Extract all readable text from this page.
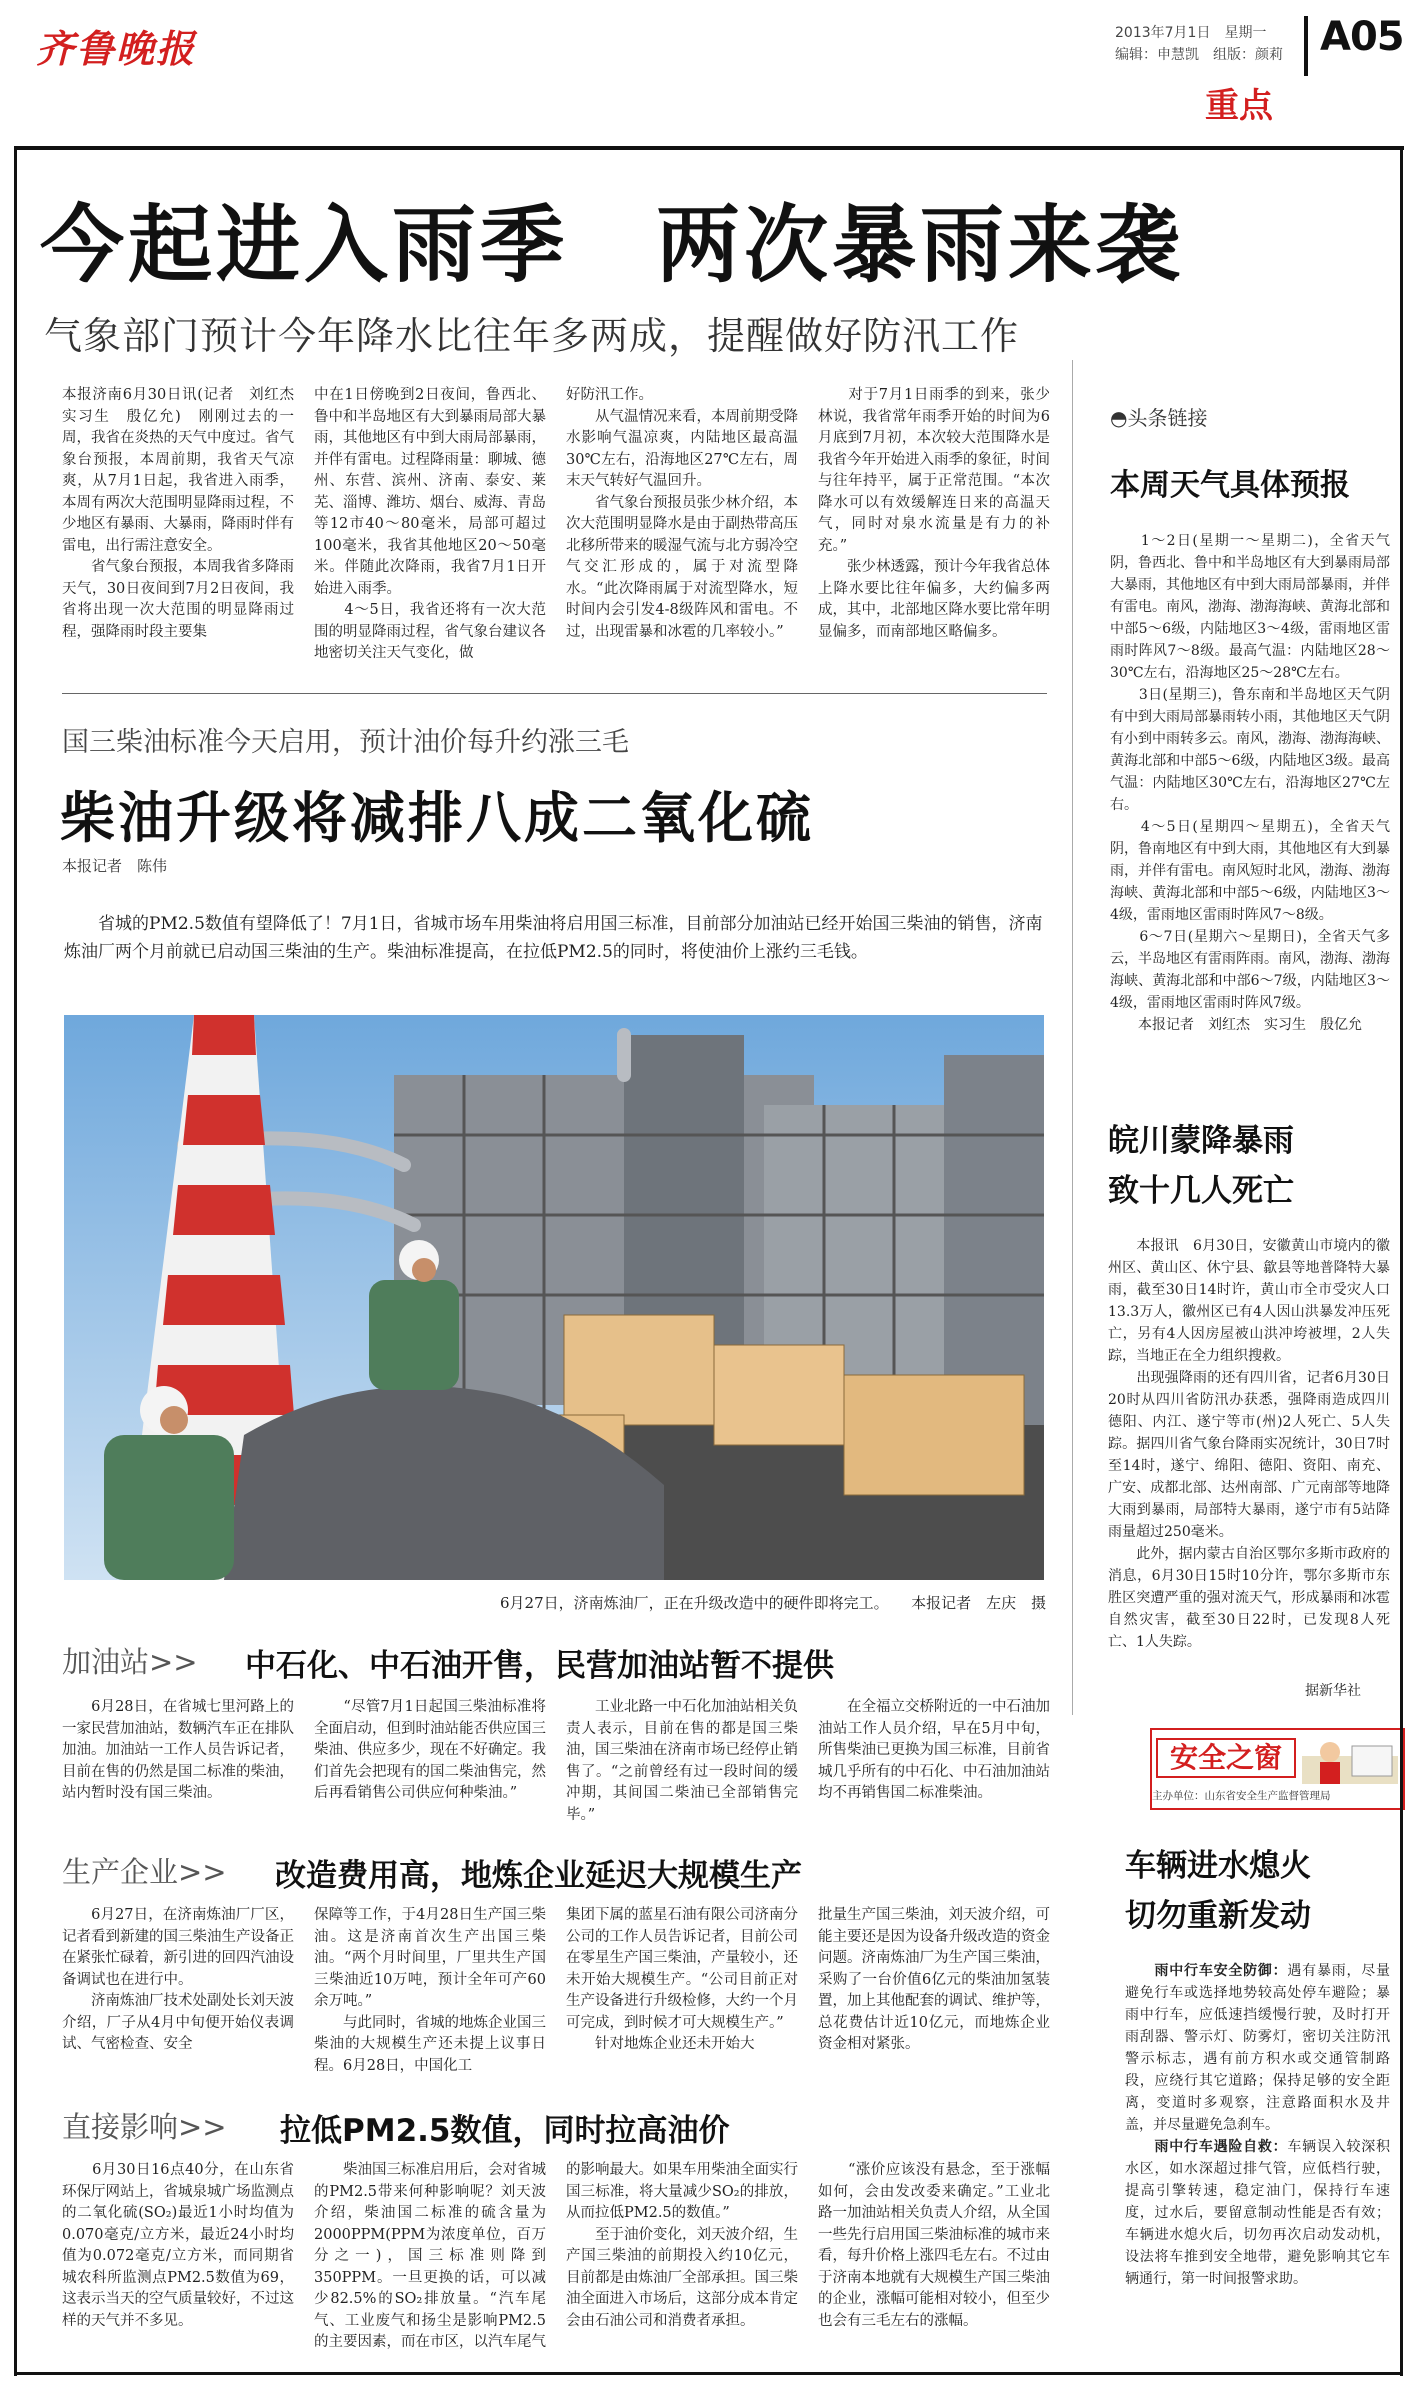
齐鲁晚报	2013年7月1日　星期一
编辑：申慧凯　组版：颜莉 A05
重点
今起进入雨季　两次暴雨来袭
气象部门预计今年降水比往年多两成，提醒做好防汛工作
本报济南6月30日讯(记者　刘红杰　实习生　殷亿允)　刚刚过去的一周，我省在炎热的天气中度过。省气象台预报，本周前期，我省天气凉爽，从7月1日起，我省进入雨季，本周有两次大范围明显降雨过程，不少地区有暴雨、大暴雨，降雨时伴有雷电，出行需注意安全。
　　省气象台预报，本周我省多降雨天气，30日夜间到7月2日夜间，我省将出现一次大范围的明显降雨过程，强降雨时段主要集
中在1日傍晚到2日夜间，鲁西北、鲁中和半岛地区有大到暴雨局部大暴雨，其他地区有中到大雨局部暴雨，并伴有雷电。过程降雨量：聊城、德州、东营、滨州、济南、泰安、莱芜、淄博、潍坊、烟台、威海、青岛等12市40～80毫米，局部可超过100毫米，我省其他地区20～50毫米。伴随此次降雨，我省7月1日开始进入雨季。
　　4～5日，我省还将有一次大范围的明显降雨过程，省气象台建议各地密切关注天气变化，做
好防汛工作。
　　从气温情况来看，本周前期受降水影响气温凉爽，内陆地区最高温30℃左右，沿海地区27℃左右，周末天气转好气温回升。
　　省气象台预报员张少林介绍，本次大范围明显降水是由于副热带高压北移所带来的暖湿气流与北方弱冷空气交汇形成的，属于对流型降水。“此次降雨属于对流型降水，短时间内会引发4-8级阵风和雷电。不过，出现雷暴和冰雹的几率较小。”
　　对于7月1日雨季的到来，张少林说，我省常年雨季开始的时间为6月底到7月初，本次较大范围降水是我省今年开始进入雨季的象征，时间与往年持平，属于正常范围。“本次降水可以有效缓解连日来的高温天气，同时对泉水流量是有力的补充。”
　　张少林透露，预计今年我省总体上降水要比往年偏多，大约偏多两成，其中，北部地区降水要比常年明显偏多，而南部地区略偏多。
国三柴油标准今天启用，预计油价每升约涨三毛
柴油升级将减排八成二氧化硫
本报记者　陈伟
　　省城的PM2.5数值有望降低了！7月1日，省城市场车用柴油将启用国三标准，目前部分加油站已经开始国三柴油的销售，济南炼油厂两个月前就已启动国三柴油的生产。柴油标准提高，在拉低PM2.5的同时，将使油价上涨约三毛钱。
6月27日，济南炼油厂，正在升级改造中的硬件即将完工。　　本报记者　左庆　摄
加油站>> 中石化、中石油开售，民营加油站暂不提供
　　6月28日，在省城七里河路上的一家民营加油站，数辆汽车正在排队加油。加油站一工作人员告诉记者，目前在售的仍然是国二标准的柴油，站内暂时没有国三柴油。
　　“尽管7月1日起国三柴油标准将全面启动，但到时油站能否供应国三柴油、供应多少，现在不好确定。我们首先会把现有的国二柴油售完，然后再看销售公司供应何种柴油。”
　　工业北路一中石化加油站相关负责人表示，目前在售的都是国三柴油，国三柴油在济南市场已经停止销售了。“之前曾经有过一段时间的缓冲期，其间国二柴油已全部销售完毕。”
　　在全福立交桥附近的一中石油加油站工作人员介绍，早在5月中旬，所售柴油已更换为国三标准，目前省城几乎所有的中石化、中石油加油站均不再销售国二标准柴油。
生产企业>> 改造费用高，地炼企业延迟大规模生产
　　6月27日，在济南炼油厂厂区，记者看到新建的国三柴油生产设备正在紧张忙碌着，新引进的回四汽油设备调试也在进行中。
　　济南炼油厂技术处副处长刘天波介绍，厂子从4月中旬便开始仪表调试、气密检查、安全
保障等工作，于4月28日生产国三柴油。这是济南首次生产出国三柴油。“两个月时间里，厂里共生产国三柴油近10万吨，预计全年可产60余万吨。”
　　与此同时，省城的地炼企业国三柴油的大规模生产还未提上议事日程。6月28日，中国化工
集团下属的蓝星石油有限公司济南分公司的工作人员告诉记者，目前公司在零星生产国三柴油，产量较小，还未开始大规模生产。“公司目前正对生产设备进行升级检修，大约一个月可完成，到时候才可大规模生产。”
　　针对地炼企业还未开始大
批量生产国三柴油，刘天波介绍，可能主要还是因为设备升级改造的资金问题。济南炼油厂为生产国三柴油，采购了一台价值6亿元的柴油加氢装置，加上其他配套的调试、维护等，总花费估计近10亿元，而地炼企业资金相对紧张。
直接影响>> 拉低PM2.5数值，同时拉高油价
　　6月30日16点40分，在山东省环保厅网站上，省城泉城广场监测点的二氧化硫(SO₂)最近1小时均值为0.070毫克/立方米，最近24小时均值为0.072毫克/立方米，而同期省城农科所监测点PM2.5数值为69，这表示当天的空气质量较好，不过这样的天气并不多见。
　　柴油国三标准启用后，会对省城的PM2.5带来何种影响呢？刘天波介绍，柴油国二标准的硫含量为2000PPM(PPM为浓度单位，百万分之一)，国三标准则降到350PPM。一旦更换的话，可以减少82.5%的SO₂排放量。“汽车尾气、工业废气和扬尘是影响PM2.5的主要因素，而在市区，以汽车尾气
的影响最大。如果车用柴油全面实行国三标准，将大量减少SO₂的排放，从而拉低PM2.5的数值。”
　　至于油价变化，刘天波介绍，生产国三柴油的前期投入约10亿元，目前都是由炼油厂全部承担。国三柴油全面进入市场后，这部分成本肯定会由石油公司和消费者承担。
　　“涨价应该没有悬念，至于涨幅如何，会由发改委来确定。”工业北路一加油站相关负责人介绍，从全国一些先行启用国三柴油标准的城市来看，每升价格上涨四毛左右。不过由于济南本地就有大规模生产国三柴油的企业，涨幅可能相对较小，但至少也会有三毛左右的涨幅。
◓头条链接
本周天气具体预报
　　1～2日(星期一～星期二)，全省天气阴，鲁西北、鲁中和半岛地区有大到暴雨局部大暴雨，其他地区有中到大雨局部暴雨，并伴有雷电。南风，渤海、渤海海峡、黄海北部和中部5～6级，内陆地区3～4级，雷雨地区雷雨时阵风7～8级。最高气温：内陆地区28～30℃左右，沿海地区25～28℃左右。
　　3日(星期三)，鲁东南和半岛地区天气阴有中到大雨局部暴雨转小雨，其他地区天气阴有小到中雨转多云。南风，渤海、渤海海峡、黄海北部和中部5～6级，内陆地区3级。最高气温：内陆地区30℃左右，沿海地区27℃左右。
　　4～5日(星期四～星期五)，全省天气阴，鲁南地区有中到大雨，其他地区有大到暴雨，并伴有雷电。南风短时北风，渤海、渤海海峡、黄海北部和中部5～6级，内陆地区3～4级，雷雨地区雷雨时阵风7～8级。
　　6～7日(星期六～星期日)，全省天气多云，半岛地区有雷雨阵雨。南风，渤海、渤海海峡、黄海北部和中部6～7级，内陆地区3～4级，雷雨地区雷雨时阵风7级。
　　本报记者　刘红杰　实习生　殷亿允
皖川蒙降暴雨
致十几人死亡
　　本报讯　6月30日，安徽黄山市境内的徽州区、黄山区、休宁县、歙县等地普降特大暴雨，截至30日14时许，黄山市全市受灾人口13.3万人，徽州区已有4人因山洪暴发冲压死亡，另有4人因房屋被山洪冲垮被埋，2人失踪，当地正在全力组织搜救。
　　出现强降雨的还有四川省，记者6月30日20时从四川省防汛办获悉，强降雨造成四川德阳、内江、遂宁等市(州)2人死亡、5人失踪。据四川省气象台降雨实况统计，30日7时至14时，遂宁、绵阳、德阳、资阳、南充、广安、成都北部、达州南部、广元南部等地降大雨到暴雨，局部特大暴雨，遂宁市有5站降雨量超过250毫米。
　　此外，据内蒙古自治区鄂尔多斯市政府的消息，6月30日15时10分许，鄂尔多斯市东胜区突遭严重的强对流天气，形成暴雨和冰雹自然灾害，截至30日22时，已发现8人死亡、1人失踪。
据新华社
安全之窗
主办单位：山东省安全生产监督管理局
车辆进水熄火
切勿重新发动

　　雨中行车安全防御：遇有暴雨，尽量避免行车或选择地势较高处停车避险；暴雨中行车，应低速挡缓慢行驶，及时打开雨刮器、警示灯、防雾灯，密切关注防汛警示标志，遇有前方积水或交通管制路段，应绕行其它道路；保持足够的安全距离，变道时多观察，注意路面积水及井盖，并尽量避免急刹车。

　　雨中行车遇险自救：车辆误入较深积水区，如水深超过排气管，应低档行驶，提高引擎转速，稳定油门，保持行车速度，过水后，要留意制动性能是否有效；车辆进水熄火后，切勿再次启动发动机，设法将车推到安全地带，避免影响其它车辆通行，第一时间报警求助。
